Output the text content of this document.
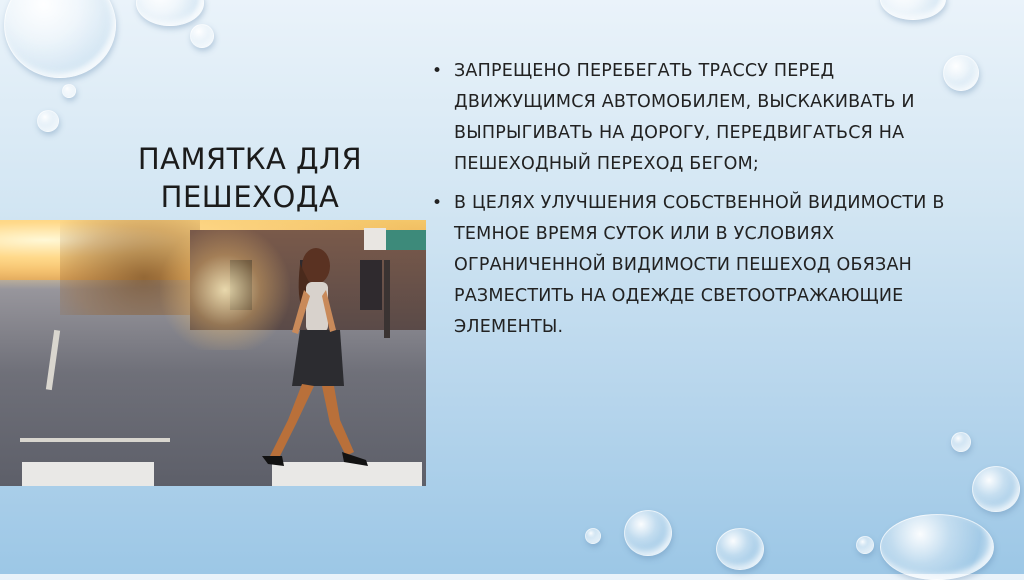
ПАМЯТКА ДЛЯ ПЕШЕХОДА
• ЗАПРЕЩЕНО ПЕРЕБЕГАТЬ ТРАССУ ПЕРЕД ДВИЖУЩИМСЯ АВТОМОБИЛЕМ, ВЫСКАКИВАТЬ И ВЫПРЫГИВАТЬ НА ДОРОГУ, ПЕРЕДВИГАТЬСЯ НА ПЕШЕХОДНЫЙ ПЕРЕХОД БЕГОМ;
• В ЦЕЛЯХ УЛУЧШЕНИЯ СОБСТВЕННОЙ ВИДИМОСТИ В ТЕМНОЕ ВРЕМЯ СУТОК ИЛИ В УСЛОВИЯХ ОГРАНИЧЕННОЙ ВИДИМОСТИ ПЕШЕХОД ОБЯЗАН РАЗМЕСТИТЬ НА ОДЕЖДЕ СВЕТООТРАЖАЮЩИЕ ЭЛЕМЕНТЫ.
